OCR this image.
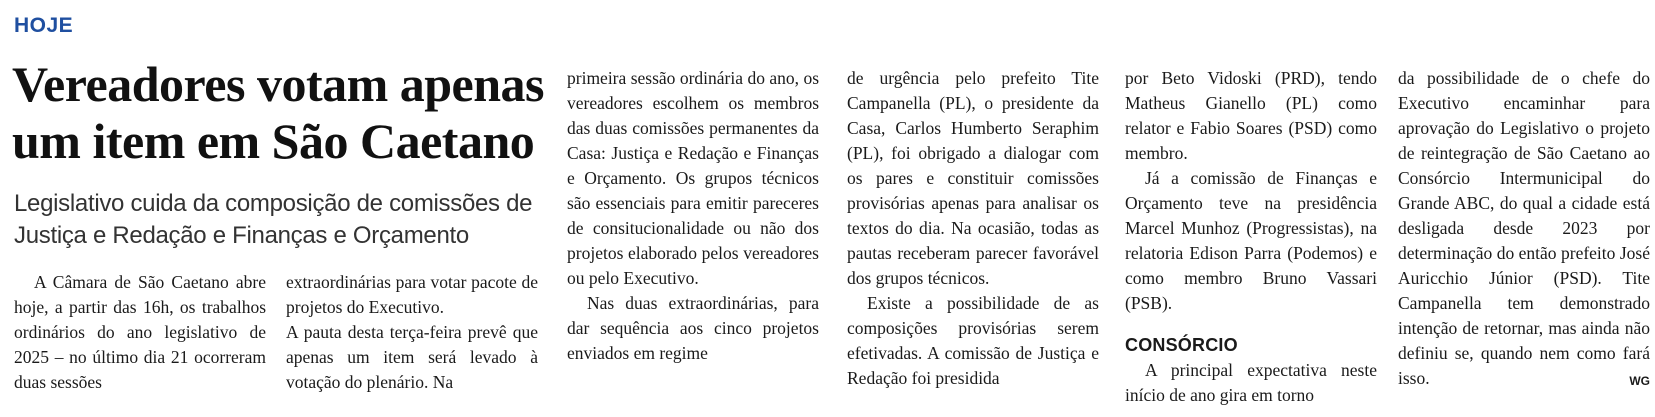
HOJE
Vereadores votam apenas um item em São Caetano
Legislativo cuida da composição de comissões de Justiça e Redação e Finanças e Orçamento

A Câmara de São Caetano abre hoje, a partir das 16h, os trabalhos ordinários do ano legislativo de 2025 – no último dia 21 ocorreram duas sessões

extraordinárias para votar pacote de projetos do Executivo.

A pauta desta terça-feira prevê que apenas um item será levado à votação do plenário. Na

primeira sessão ordinária do ano, os vereadores escolhem os membros das duas comissões permanentes da Casa: Justiça e Redação e Finanças e Orçamento. Os grupos técnicos são essenciais para emitir pareceres de consitucionalidade ou não dos projetos elaborado pelos vereadores ou pelo Executivo.

Nas duas extraordinárias, para dar sequência aos cinco projetos enviados em regime

de urgência pelo prefeito Tite Campanella (PL), o presidente da Casa, Carlos Humberto Seraphim (PL), foi obrigado a dialogar com os pares e constituir comissões provisórias apenas para analisar os textos do dia. Na ocasião, todas as pautas receberam parecer favorável dos grupos técnicos.

Existe a possibilidade de as composições provisórias serem efetivadas. A comissão de Justiça e Redação foi presidida

por Beto Vidoski (PRD), tendo Matheus Gianello (PL) como relator e Fabio Soares (PSD) como membro.

Já a comissão de Finanças e Orçamento teve na presidência Marcel Munhoz (Progressistas), na relatoria Edison Parra (Podemos) e como membro Bruno Vassari (PSB).

CONSÓRCIO

A principal expectativa neste início de ano gira em torno

da possibilidade de o chefe do Executivo encaminhar para aprovação do Legislativo o projeto de reintegração de São Caetano ao Consórcio Intermunicipal do Grande ABC, do qual a cidade está desligada desde 2023 por determinação do então prefeito José Auricchio Júnior (PSD). Tite Campanella tem demonstrado intenção de retornar, mas ainda não definiu se, quando nem como fará isso.	WG
